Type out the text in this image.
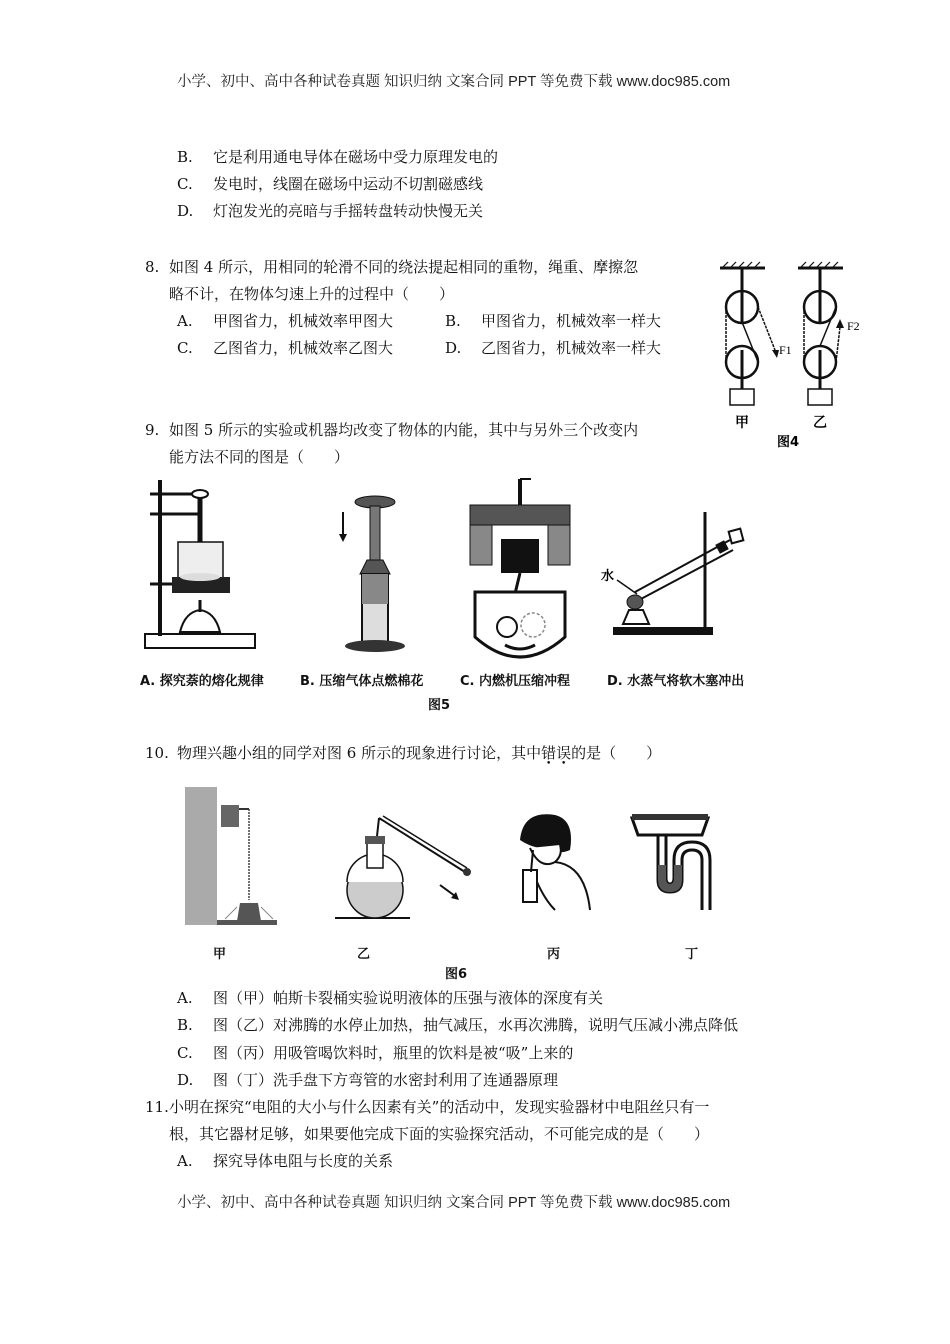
小学、初中、高中各种试卷真题 知识归纳 文案合同 PPT 等免费下载 www.doc985.com
B. 它是利用通电导体在磁场中受力原理发电的
C. 发电时，线圈在磁场中运动不切割磁感线
D. 灯泡发光的亮暗与手摇转盘转动快慢无关
8. 如图 4 所示，用相同的轮滑不同的绕法提起相同的重物，绳重、摩擦忽
略不计，在物体匀速上升的过程中（　　）
A. 甲图省力，机械效率甲图大	B. 甲图省力，机械效率一样大
C. 乙图省力，机械效率乙图大	D. 乙图省力，机械效率一样大	F1
甲
F2
乙
图4
9. 如图 5 所示的实验或机器均改变了物体的内能，其中与另外三个改变内
能方法不同的图是（　　）
水
A. 探究萘的熔化规律	B. 压缩气体点燃棉花	C. 内燃机压缩冲程	D. 水蒸气将软木塞冲出
图5
10. 物理兴趣小组的同学对图 6 所示的现象进行讨论，其中错误的是（　　）
甲	乙	丙	丁
图6
A. 图（甲）帕斯卡裂桶实验说明液体的压强与液体的深度有关
B. 图（乙）对沸腾的水停止加热，抽气减压，水再次沸腾，说明气压减小沸点降低
C. 图（丙）用吸管喝饮料时，瓶里的饮料是被“吸”上来的
D. 图（丁）洗手盘下方弯管的水密封利用了连通器原理
11.小明在探究“电阻的大小与什么因素有关”的活动中，发现实验器材中电阻丝只有一
根，其它器材足够，如果要他完成下面的实验探究活动，不可能完成的是（　　）
A. 探究导体电阻与长度的关系
小学、初中、高中各种试卷真题 知识归纳 文案合同 PPT 等免费下载 www.doc985.com
